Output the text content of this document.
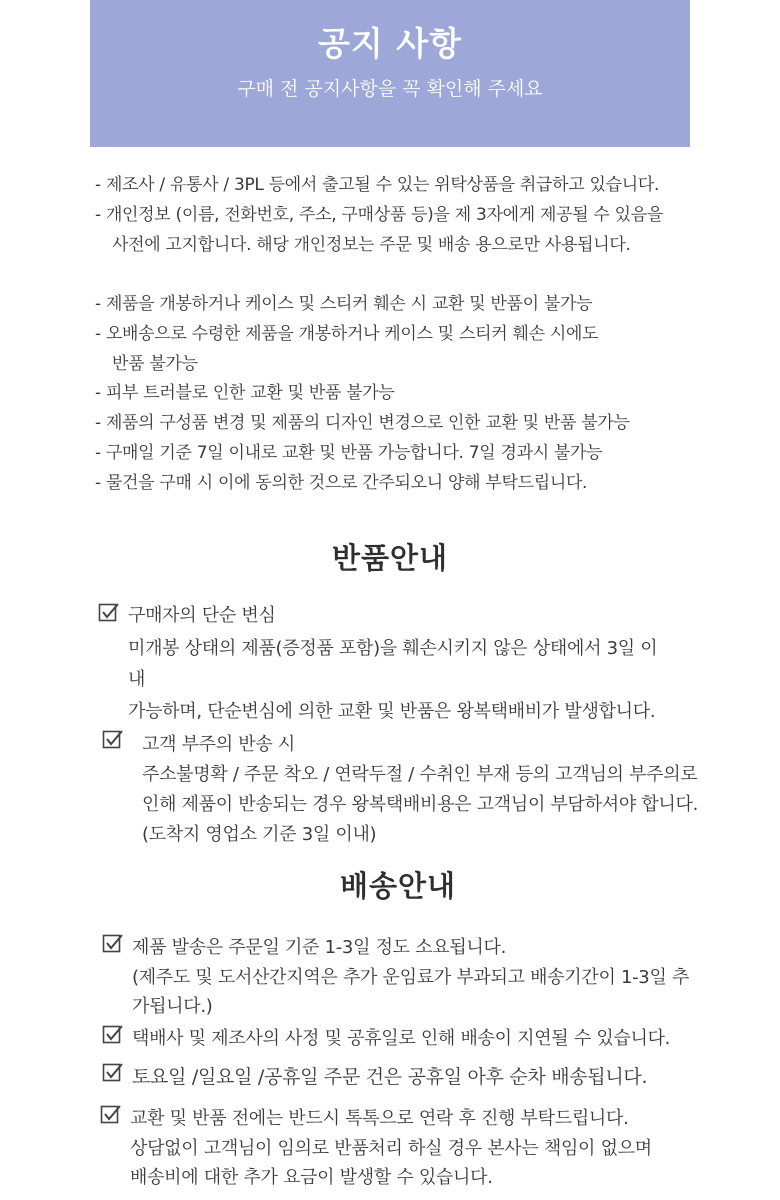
공지 사항
구매 전 공지사항을 꼭 확인해 주세요
- 제조사 / 유통사 / 3PL 등에서 출고될 수 있는 위탁상품을 취급하고 있습니다.
- 개인정보 (이름, 전화번호, 주소, 구매상품 등)을 제 3자에게 제공될 수 있음을
사전에 고지합니다. 해당 개인정보는 주문 및 배송 용으로만 사용됩니다.
- 제품을 개봉하거나 케이스 및 스티커 훼손 시 교환 및 반품이 불가능
- 오배송으로 수령한 제품을 개봉하거나 케이스 및 스티커 훼손 시에도
반품 불가능
- 피부 트러블로 인한 교환 및 반품 불가능
- 제품의 구성품 변경 및 제품의 디자인 변경으로 인한 교환 및 반품 불가능
- 구매일 기준 7일 이내로 교환 및 반품 가능합니다. 7일 경과시 불가능
- 물건을 구매 시 이에 동의한 것으로 간주되오니 양해 부탁드립니다.
반품안내
구매자의 단순 변심
미개봉 상태의 제품(증정품 포함)을 훼손시키지 않은 상태에서 3일 이
내
가능하며, 단순변심에 의한 교환 및 반품은 왕복택배비가 발생합니다.
고객 부주의 반송 시
주소불명확 / 주문 착오 / 연락두절 / 수취인 부재 등의 고객님의 부주의로
인해 제품이 반송되는 경우 왕복택배비용은 고객님이 부담하셔야 합니다.
(도착지 영업소 기준 3일 이내)
배송안내
제품 발송은 주문일 기준 1-3일 정도 소요됩니다.
(제주도 및 도서산간지역은 추가 운임료가 부과되고 배송기간이 1-3일 추
가됩니다.)
택배사 및 제조사의 사정 및 공휴일로 인해 배송이 지연될 수 있습니다.
토요일 /일요일 /공휴일 주문 건은 공휴일 아후 순차 배송됩니다.
교환 및 반품 전에는 반드시 톡톡으로 연락 후 진행 부탁드립니다.
상담없이 고객님이 임의로 반품처리 하실 경우 본사는 책임이 없으며
배송비에 대한 추가 요금이 발생할 수 있습니다.
